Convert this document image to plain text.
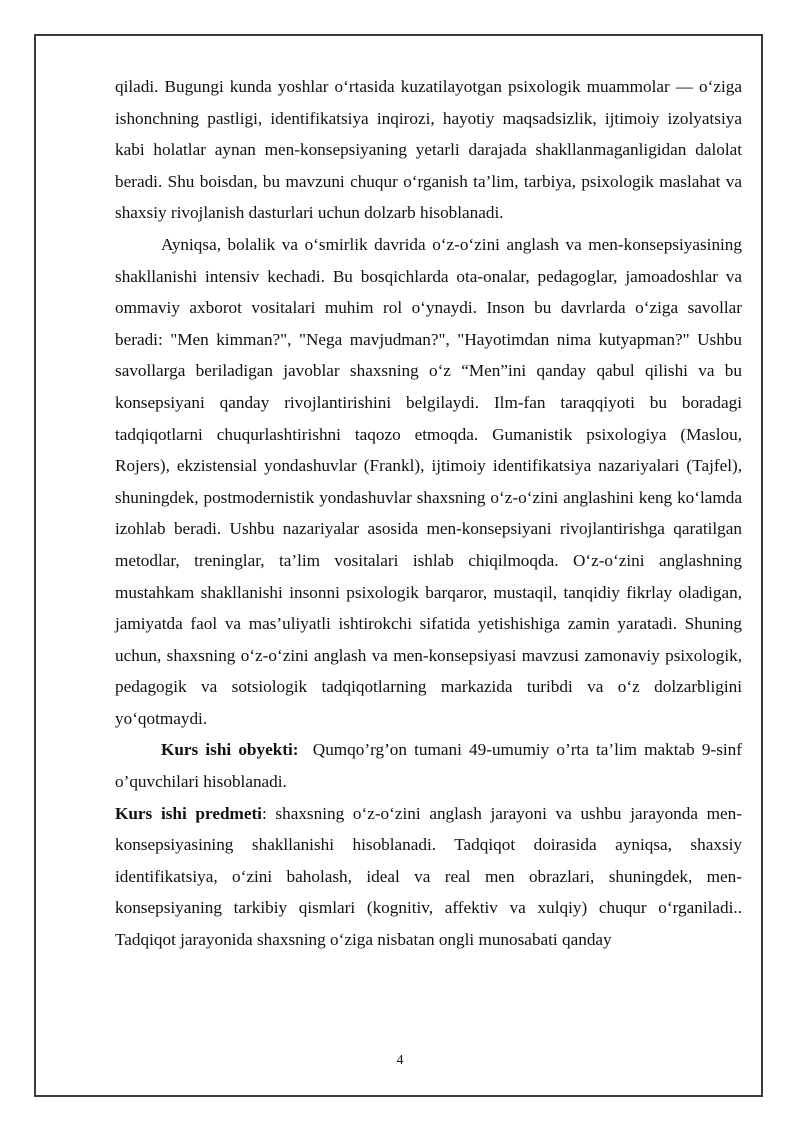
qiladi. Bugungi kunda yoshlar o‘rtasida kuzatilayotgan psixologik muammolar — o‘ziga ishonchning pastligi, identifikatsiya inqirozi, hayotiy maqsadsizlik, ijtimoiy izolyatsiya kabi holatlar aynan men-konsepsiyaning yetarli darajada shakllanmaganligidan dalolat beradi. Shu boisdan, bu mavzuni chuqur o‘rganish ta’lim, tarbiya, psixologik maslahat va shaxsiy rivojlanish dasturlari uchun dolzarb hisoblanadi.

Ayniqsa, bolalik va o‘smirlik davrida o‘z-o‘zini anglash va men-konsepsiyasining shakllanishi intensiv kechadi. Bu bosqichlarda ota-onalar, pedagoglar, jamoadoshlar va ommaviy axborot vositalari muhim rol o‘ynaydi. Inson bu davrlarda o‘ziga savollar beradi: "Men kimman?", "Nega mavjudman?", "Hayotimdan nima kutyapman?" Ushbu savollarga beriladigan javoblar shaxsning o‘z “Men”ini qanday qabul qilishi va bu konsepsiyani qanday rivojlantirishini belgilaydi. Ilm-fan taraqqiyoti bu boradagi tadqiqotlarni chuqurlashtirishni taqozo etmoqda. Gumanistik psixologiya (Maslou, Rojers), ekzistensial yondashuvlar (Frankl), ijtimoiy identifikatsiya nazariyalari (Tajfel), shuningdek, postmodernistik yondashuvlar shaxsning o‘z-o‘zini anglashini keng ko‘lamda izohlab beradi. Ushbu nazariyalar asosida men-konsepsiyani rivojlantirishga qaratilgan metodlar, treninglar, ta’lim vositalari ishlab chiqilmoqda. O‘z-o‘zini anglashning mustahkam shakllanishi insonni psixologik barqaror, mustaqil, tanqidiy fikrlay oladigan, jamiyatda faol va mas’uliyatli ishtirokchi sifatida yetishishiga zamin yaratadi. Shuning uchun, shaxsning o‘z-o‘zini anglash va men-konsepsiyasi mavzusi zamonaviy psixologik, pedagogik va sotsiologik tadqiqotlarning markazida turibdi va o‘z dolzarbligini yo‘qotmaydi.

Kurs ishi obyekti:  Qumqo’rg’on tumani 49-umumiy o’rta ta’lim maktab 9-sinf o’quvchilari hisoblanadi.

Kurs ishi predmeti: shaxsning o‘z-o‘zini anglash jarayoni va ushbu jarayonda men-konsepsiyasining shakllanishi hisoblanadi. Tadqiqot doirasida ayniqsa, shaxsiy identifikatsiya, o‘zini baholash, ideal va real men obrazlari, shuningdek, men-konsepsiyaning tarkibiy qismlari (kognitiv, affektiv va xulqiy) chuqur o‘rganiladi.. Tadqiqot jarayonida shaxsning o‘ziga nisbatan ongli munosabati qanday

4
